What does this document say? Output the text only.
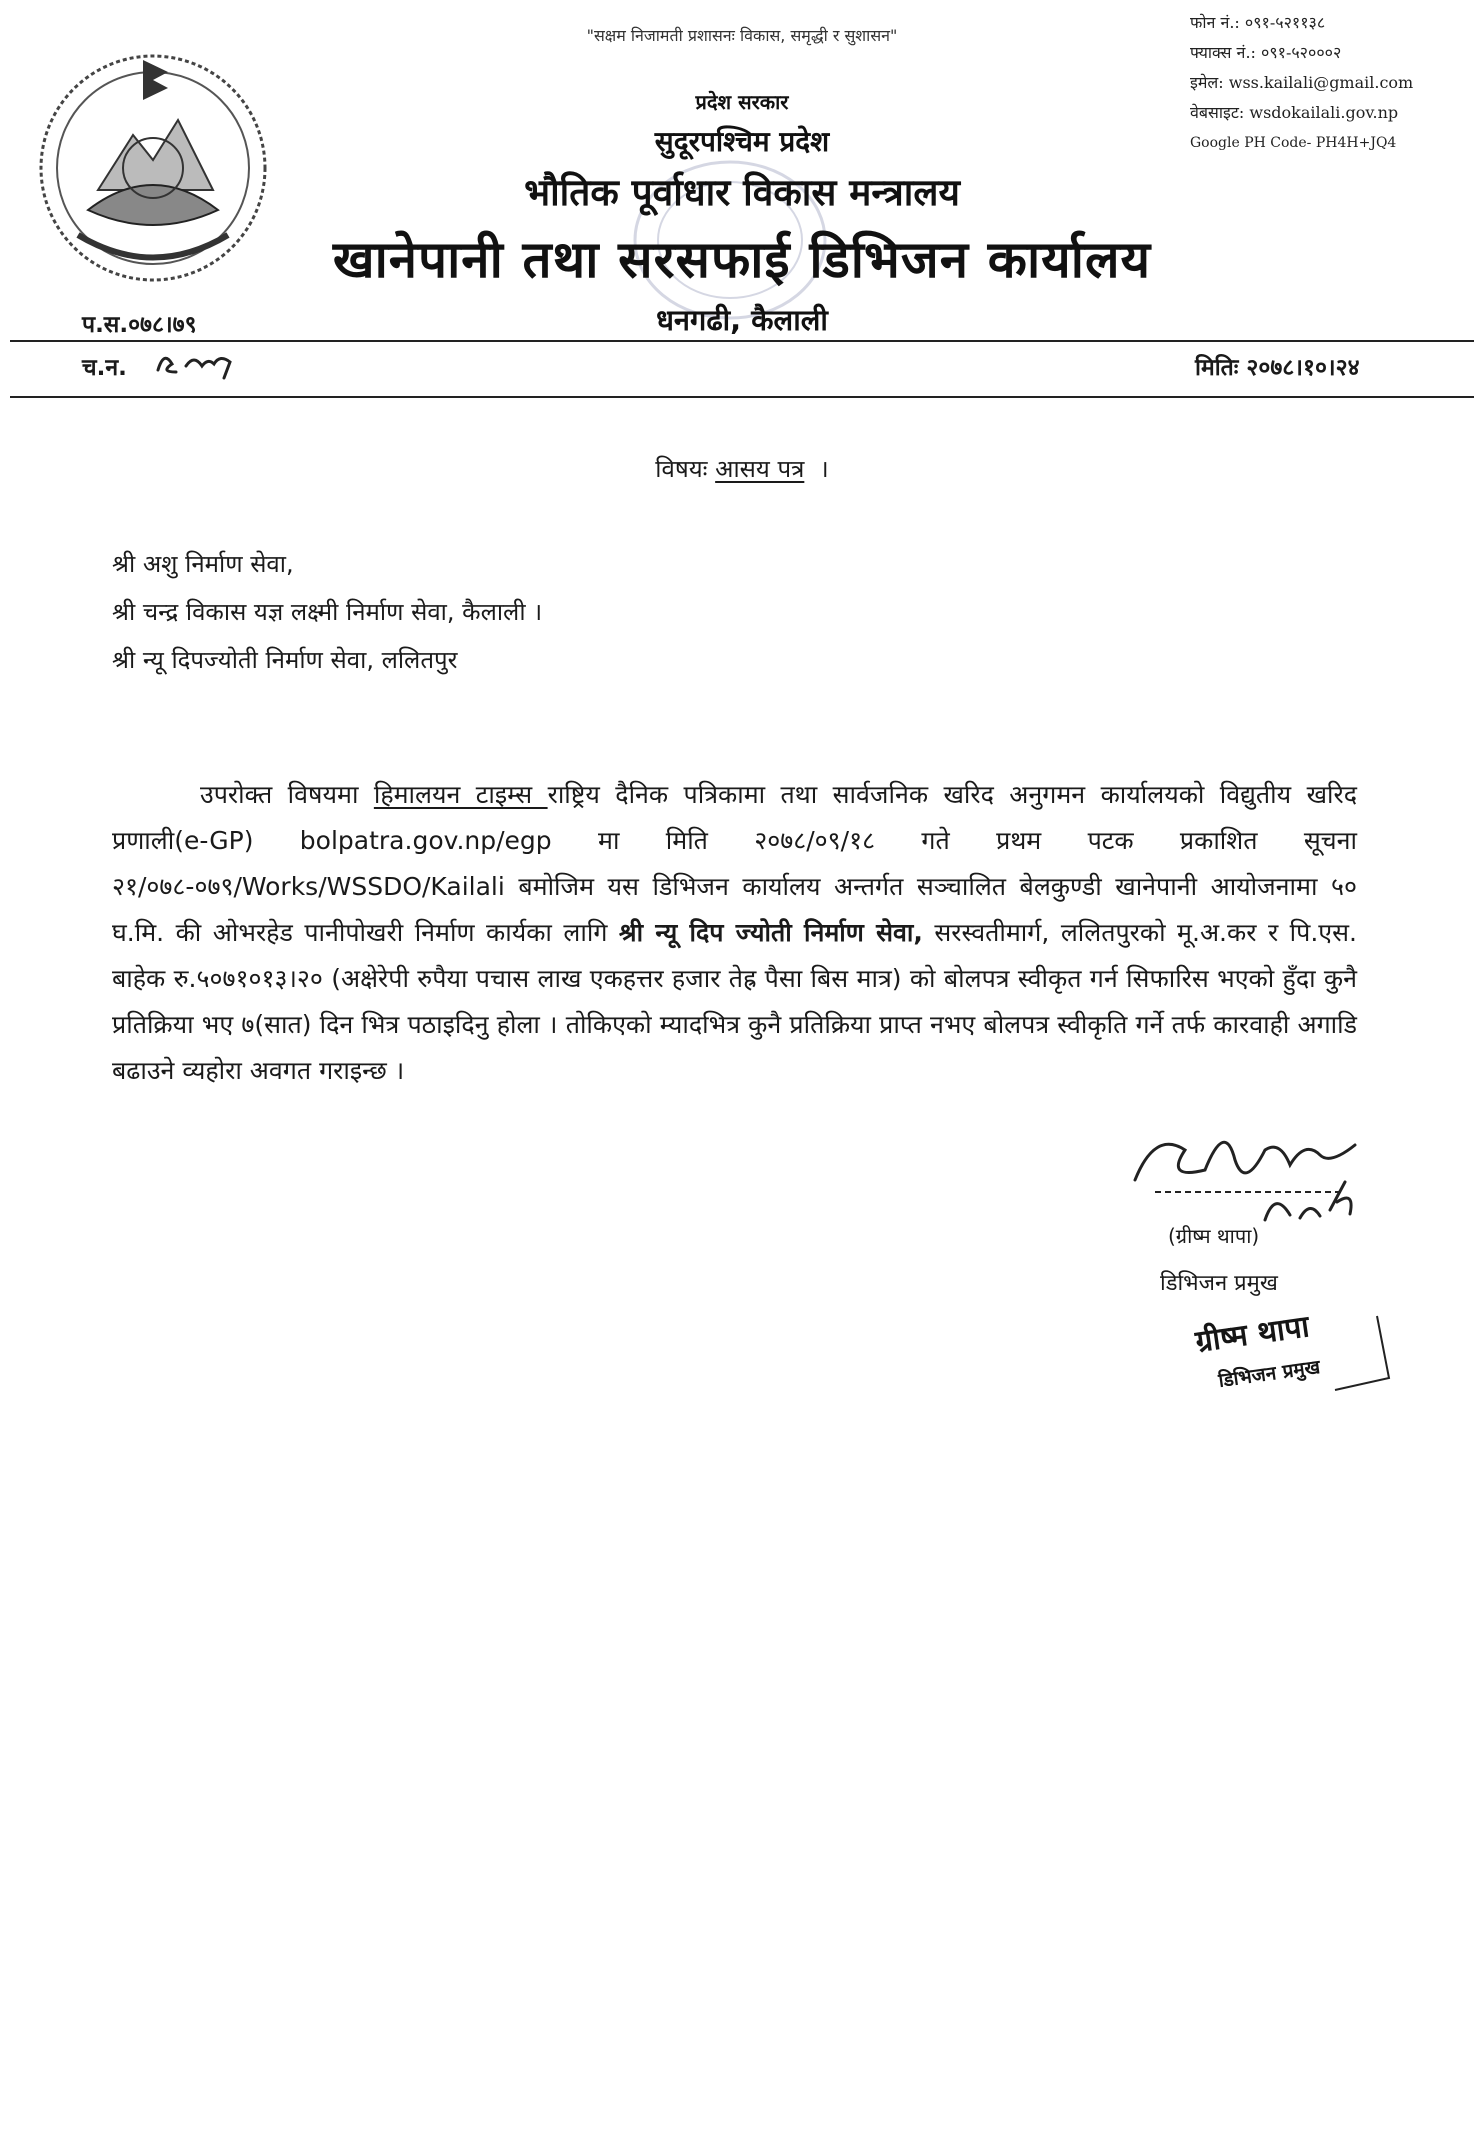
"सक्षम निजामती प्रशासनः विकास, समृद्धी र सुशासन"
फोन नं.: ०९१-५२११३८
फ्याक्स नं.: ०९१-५२०००२
इमेल: wss.kailali@gmail.com
वेबसाइट: wsdokailali.gov.np
Google PH Code- PH4H+JQ4
प्रदेश सरकार
सुदूरपश्चिम प्रदेश
भौतिक पूर्वाधार विकास मन्त्रालय
खानेपानी तथा सरसफाई डिभिजन कार्यालय
धनगढी, कैलाली
प.स.०७८।७९
च.न.	मितिः २०७८।१०।२४
विषयः आसय पत्र ।
श्री अशु निर्माण सेवा,
श्री चन्द्र विकास यज्ञ लक्ष्मी निर्माण सेवा, कैलाली ।
श्री न्यू दिपज्योती निर्माण सेवा, ललितपुर
उपरोक्त विषयमा हिमालयन टाइम्स राष्ट्रिय दैनिक पत्रिकामा तथा सार्वजनिक खरिद अनुगमन कार्यालयको विद्युतीय खरिद प्रणाली(e-GP) bolpatra.gov.np/egp मा मिति २०७८/०९/१८ गते प्रथम पटक प्रकाशित सूचना २१/०७८-०७९/Works/WSSDO/Kailali बमोजिम यस डिभिजन कार्यालय अन्तर्गत सञ्चालित बेलकुण्डी खानेपानी आयोजनामा ५० घ.मि. की ओभरहेड पानीपोखरी निर्माण कार्यका लागि श्री न्यू दिप ज्योती निर्माण सेवा, सरस्वतीमार्ग, ललितपुरको मू.अ.कर र पि.एस. बाहेक रु.५०७१०१३।२० (अक्षेरेपी रुपैया पचास लाख एकहत्तर हजार तेह्र पैसा बिस मात्र) को बोलपत्र स्वीकृत गर्न सिफारिस भएको हुँदा कुनै प्रतिक्रिया भए ७(सात) दिन भित्र पठाइदिनु होला । तोकिएको म्यादभित्र कुनै प्रतिक्रिया प्राप्त नभए बोलपत्र स्वीकृति गर्ने तर्फ कारवाही अगाडि बढाउने व्यहोरा अवगत गराइन्छ ।
(ग्रीष्म थापा)
डिभिजन प्रमुख
ग्रीष्म थापा
डिभिजन प्रमुख
